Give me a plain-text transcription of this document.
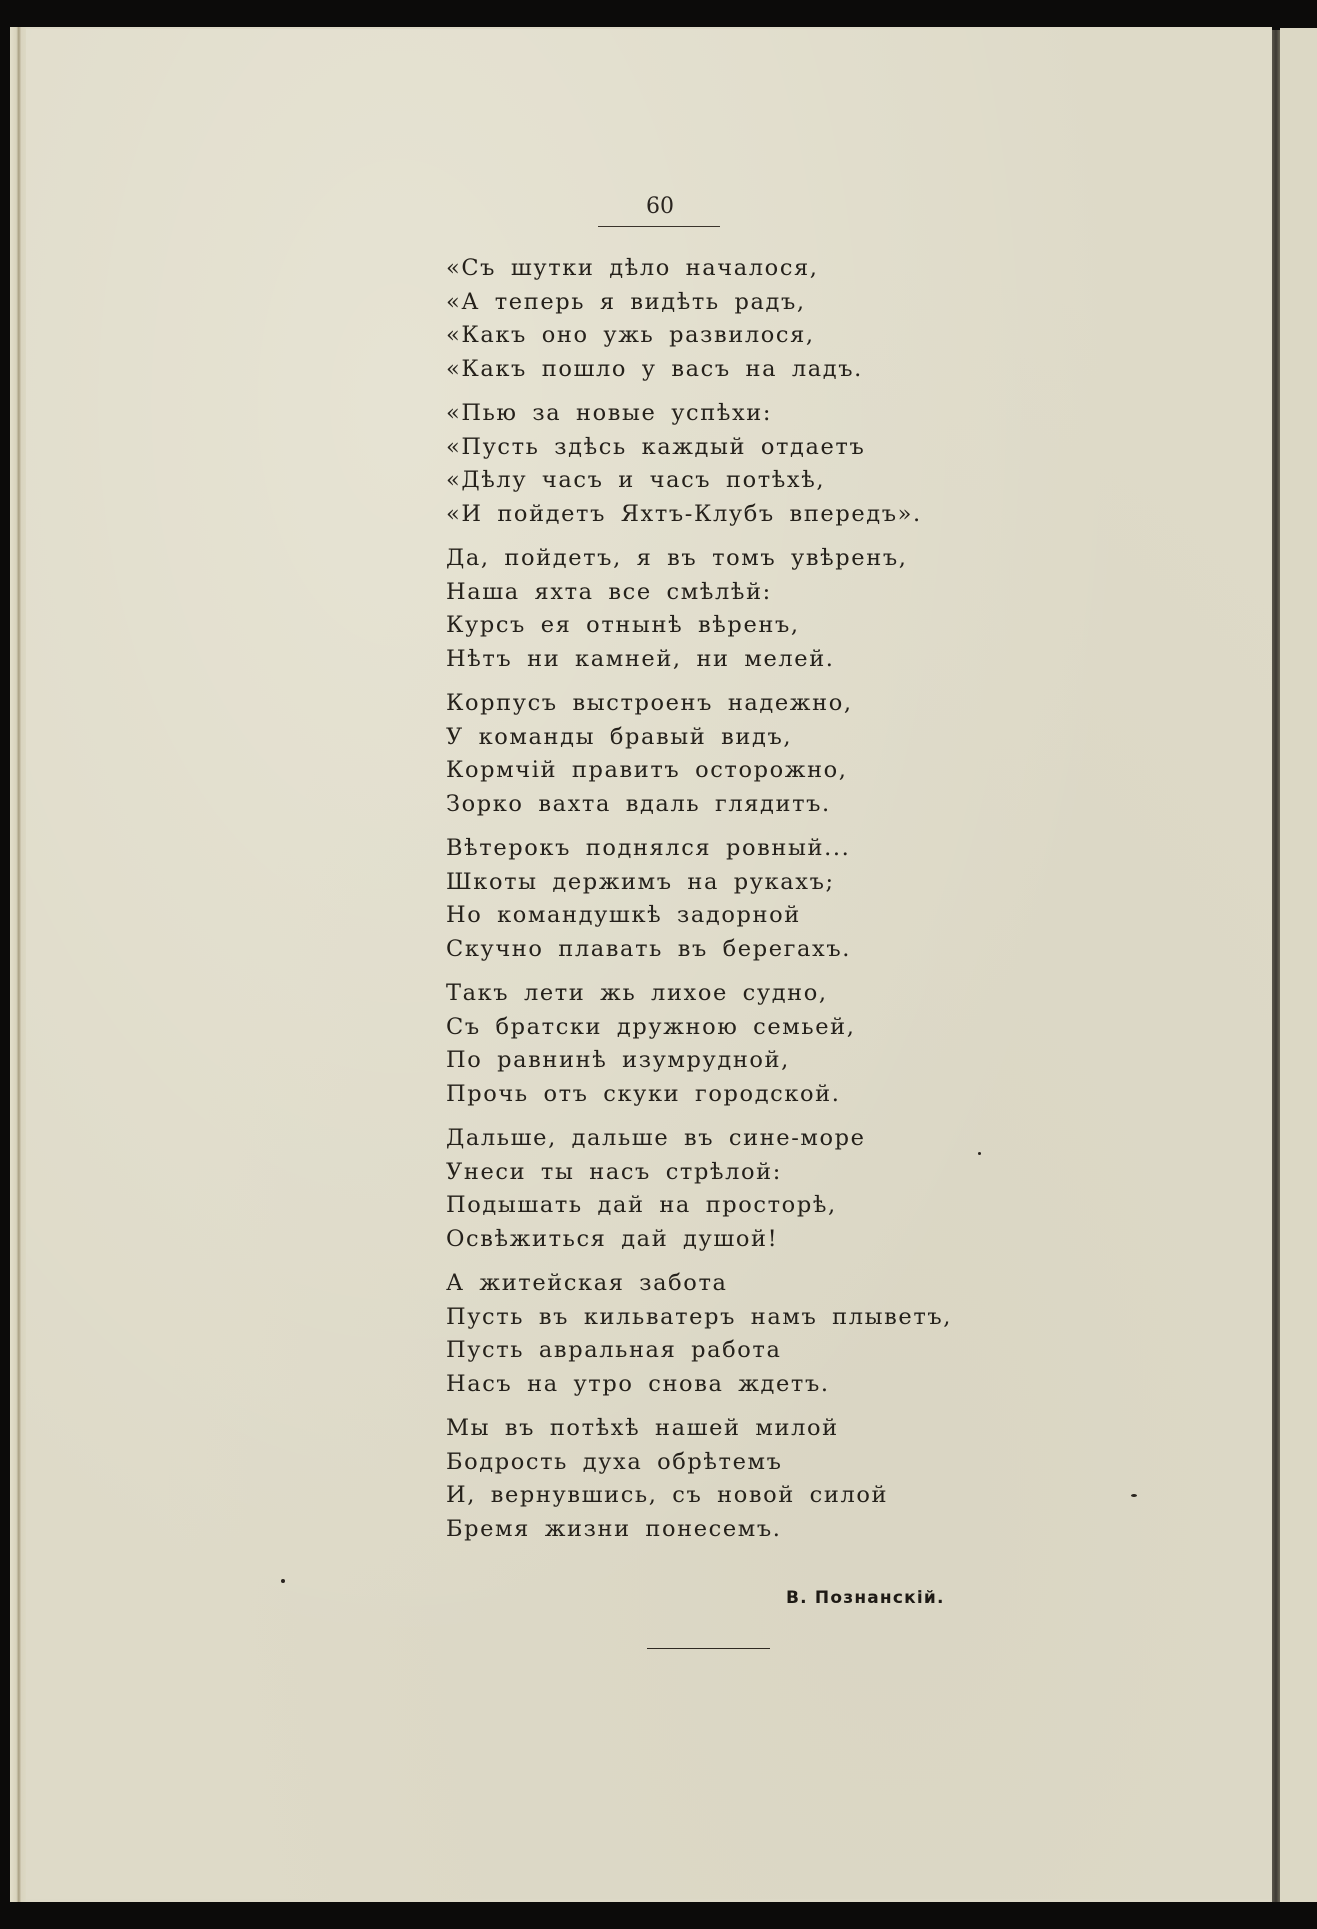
60
«Съ шутки дѣло началося,
«А теперь я видѣть радъ,
«Какъ оно ужь развилося,
«Какъ пошло у васъ на ладъ.
«Пью за новые успѣхи:
«Пусть здѣсь каждый отдаетъ
«Дѣлу часъ и часъ потѣхѣ,
«И пойдетъ Яхтъ-Клубъ впередъ».
Да, пойдетъ, я въ томъ увѣренъ,
Наша яхта все смѣлѣй:
Курсъ ея отнынѣ вѣренъ,
Нѣтъ ни камней, ни мелей.
Корпусъ выстроенъ надежно,
У команды бравый видъ,
Кормчій правитъ осторожно,
Зорко вахта вдаль глядитъ.
Вѣтерокъ поднялся ровный...
Шкоты держимъ на рукахъ;
Но командушкѣ задорной
Скучно плавать въ берегахъ.
Такъ лети жь лихое судно,
Съ братски дружною семьей,
По равнинѣ изумрудной,
Прочь отъ скуки городской.
Дальше, дальше въ сине-море
Унеси ты насъ стрѣлой:
Подышать дай на просторѣ,
Освѣжиться дай душой!
А житейская забота
Пусть въ кильватеръ намъ плыветъ,
Пусть авральная работа
Насъ на утро снова ждетъ.
Мы въ потѣхѣ нашей милой
Бодрость духа обрѣтемъ
И, вернувшись, съ новой силой
Бремя жизни понесемъ.
В. Познанскій.
